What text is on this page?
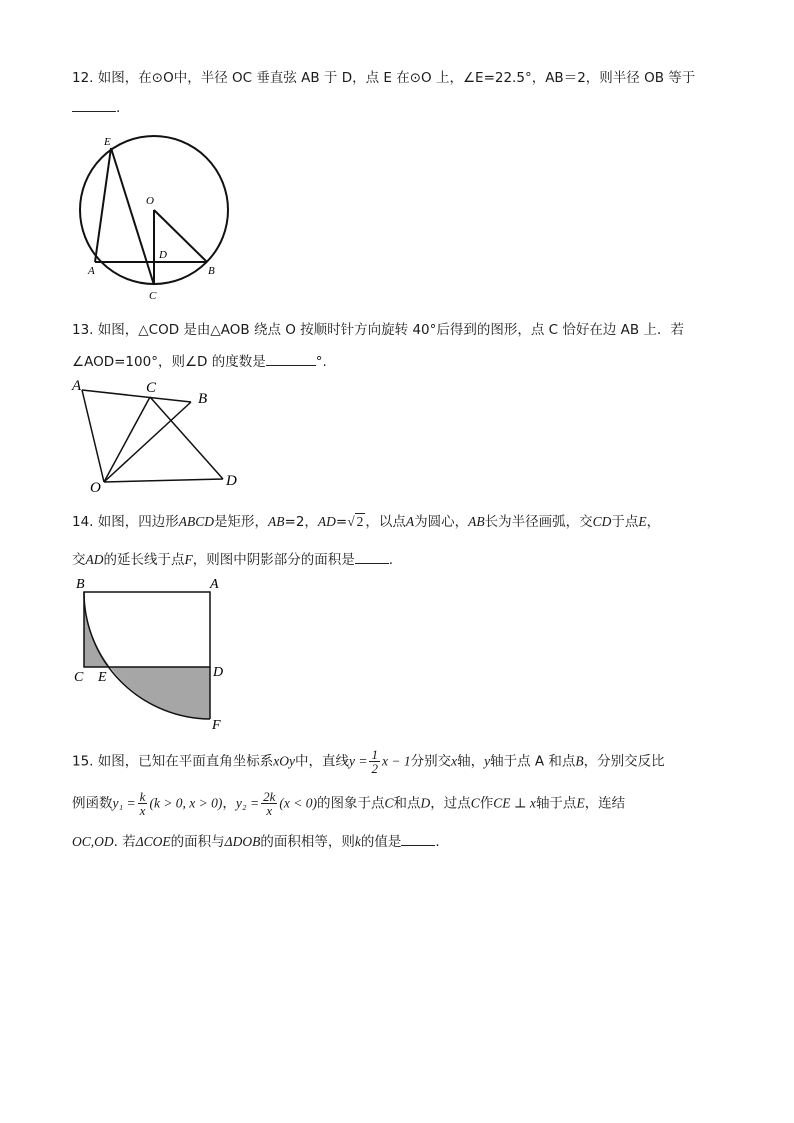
12. 如图，在⊙O中，半径 OC 垂直弦 AB 于 D，点 E 在⊙O 上，∠E=22.5°，AB＝2，则半径 OB 等于
.
E
O
D
A	B
C
13. 如图，△COD 是由△AOB 绕点 O 按顺时针方向旋转 40°后得到的图形，点 C 恰好在边 AB 上．若
∠AOD=100°，则∠D 的度数是	°.
A	C
B
O	D
14. 如图，四边形ABCD是矩形，AB=2，AD=√ 2 ，以点A为圆心，AB长为半径画弧，交CD于点E，
交AD的延长线于点F，则图中阴影部分的面积是	.
B	A
C E	D
F
15. 如图，已知在平面直角坐标系xOy中，直线$y = \frac{1}{2}$ x − 1分别交x轴，y轴于点 A 和点B，分别交反比
例函数$y_1 = \frac{k}{x} (k > 0$, x > 0)，$y_2 = \frac{2k}{x} (x < 0)$的图象于点C和点D，过点C作CE ⊥ x轴于点E，连结
OC,OD. 若ΔCOE的面积与ΔDOB的面积相等，则k的值是	.
